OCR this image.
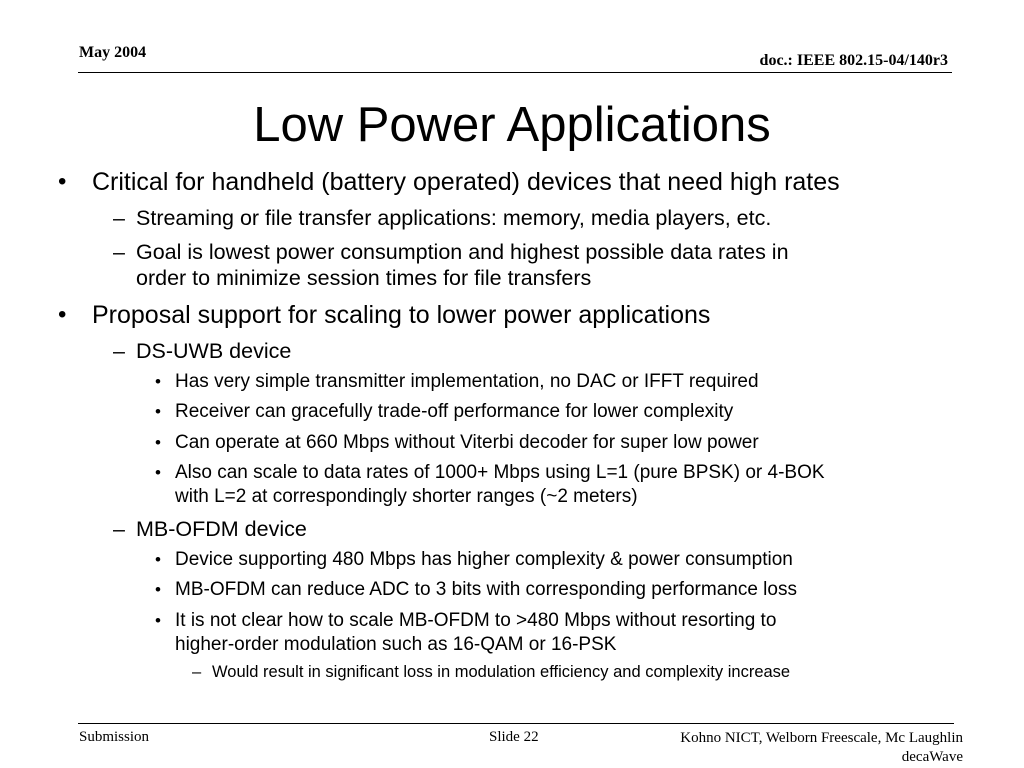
May 2004	doc.: IEEE 802.15-04/140r3
Low Power Applications
• Critical for handheld (battery operated) devices that need high rates
– Streaming or file transfer applications: memory, media players, etc.
– Goal is lowest power consumption and highest possible data rates in
order to minimize session times for file transfers
• Proposal support for scaling to lower power applications
– DS-UWB device
• Has very simple transmitter implementation, no DAC or IFFT required
• Receiver can gracefully trade-off performance for lower complexity
• Can operate at 660 Mbps without Viterbi decoder for super low power
• Also can scale to data rates of 1000+ Mbps using L=1 (pure BPSK) or 4-BOK
with L=2 at correspondingly shorter ranges (~2 meters)
– MB-OFDM device
• Device supporting 480 Mbps has higher complexity & power consumption
• MB-OFDM can reduce ADC to 3 bits with corresponding performance loss
• It is not clear how to scale MB-OFDM to >480 Mbps without resorting to
higher-order modulation such as 16-QAM or 16-PSK
– Would result in significant loss in modulation efficiency and complexity increase
Submission	Slide 22	Kohno NICT, Welborn Freescale, Mc Laughlin
decaWave
